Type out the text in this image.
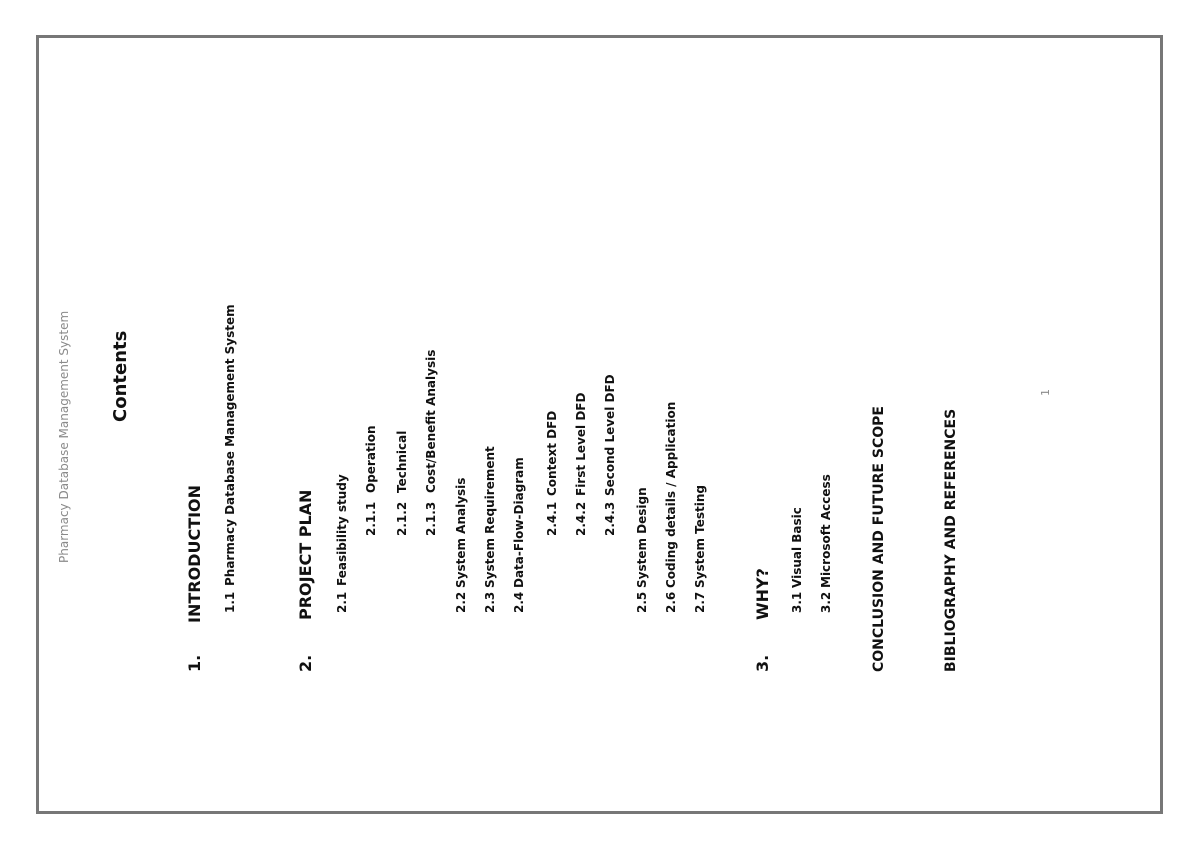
Pharmacy Database Management System Contents
1.INTRODUCTION 1.1Pharmacy Database Management System
2.PROJECT PLAN 2.1Feasibility study 2.1.1Operation
2.1.2Technical
2.1.3Cost/Benefit Analysis
2.2System Analysis
2.3System Requirement
2.4Data-Flow-Diagram 2.4.1Context DFD
2.4.2First Level DFD
2.4.3Second Level DFD
2.5System Design
2.6Coding details / Application
2.7System Testing
3.WHY? 3.1Visual Basic
3.2Microsoft Access	CONCLUSION AND FUTURE SCOPE	BIBLIOGRAPHY AND REFERENCES
1
